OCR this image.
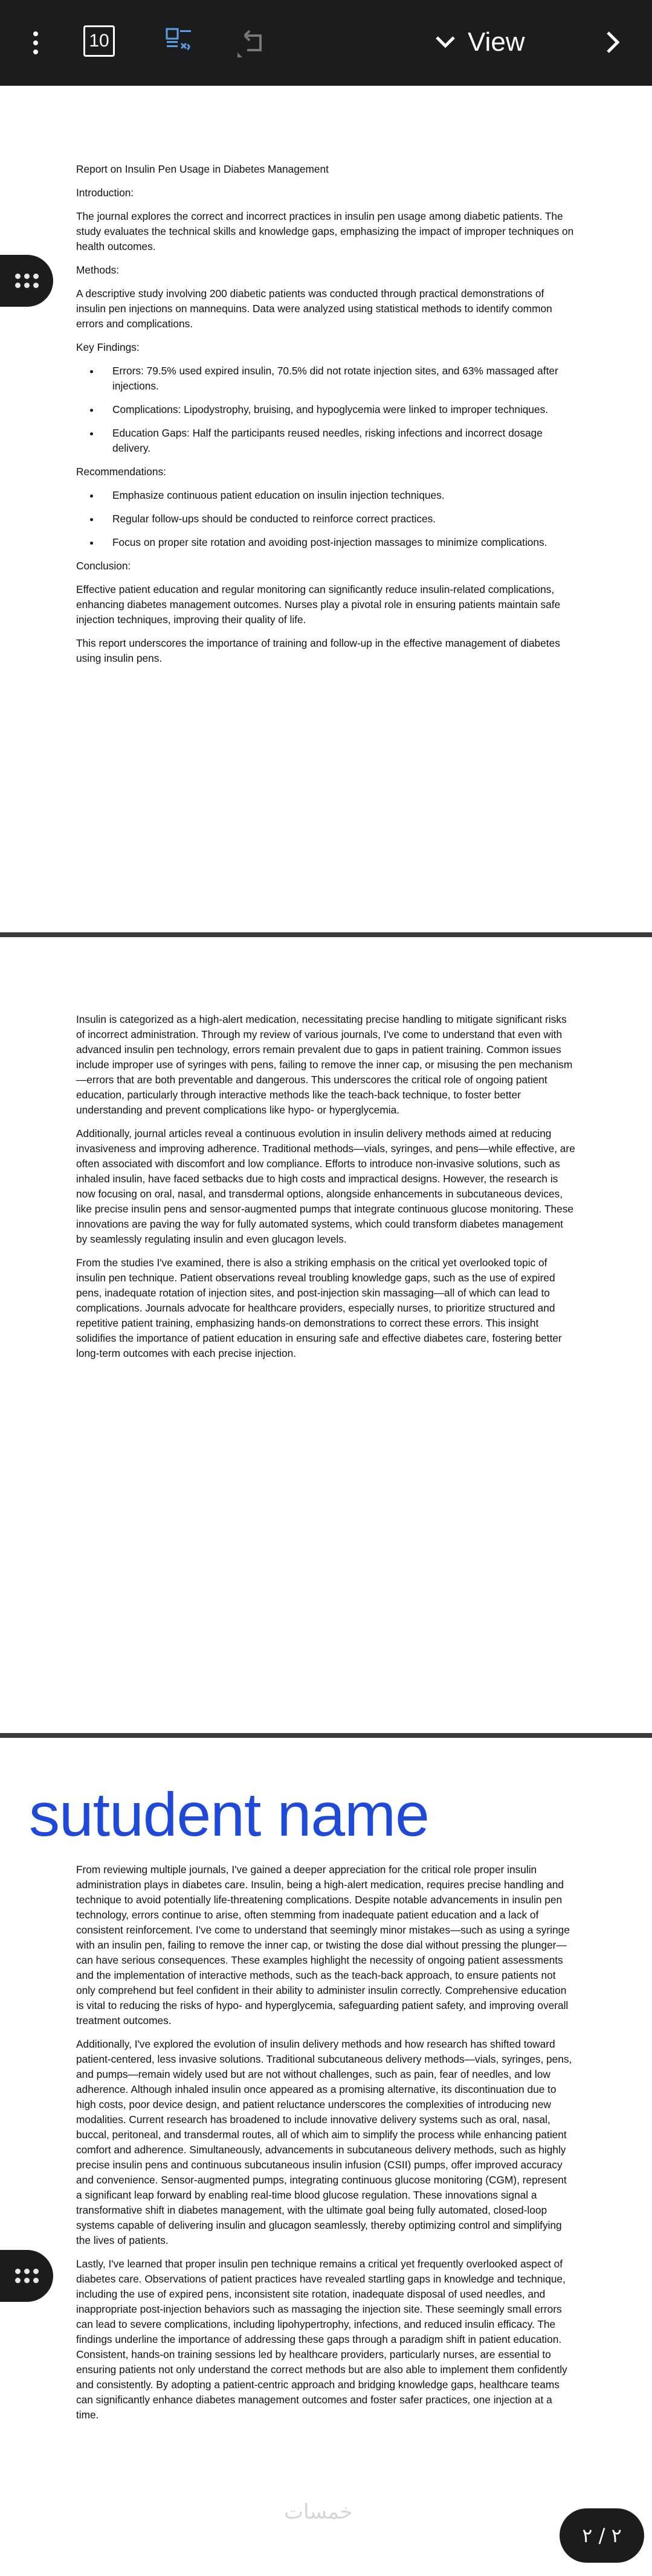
10	View

Report on Insulin Pen Usage in Diabetes Management

Introduction:

The journal explores the correct and incorrect practices in insulin pen usage among diabetic patients. The study evaluates the technical skills and knowledge gaps, emphasizing the impact of improper techniques on health outcomes.

Methods:

A descriptive study involving 200 diabetic patients was conducted through practical demonstrations of insulin pen injections on mannequins. Data were analyzed using statistical methods to identify common errors and complications.

Key Findings:

• Errors: 79.5% used expired insulin, 70.5% did not rotate injection sites, and 63% massaged after injections.
• Complications: Lipodystrophy, bruising, and hypoglycemia were linked to improper techniques.
• Education Gaps: Half the participants reused needles, risking infections and incorrect dosage delivery.

Recommendations:

• Emphasize continuous patient education on insulin injection techniques.
• Regular follow-ups should be conducted to reinforce correct practices.
• Focus on proper site rotation and avoiding post-injection massages to minimize complications.

Conclusion:

Effective patient education and regular monitoring can significantly reduce insulin-related complications, enhancing diabetes management outcomes. Nurses play a pivotal role in ensuring patients maintain safe injection techniques, improving their quality of life.

This report underscores the importance of training and follow-up in the effective management of diabetes using insulin pens.

Insulin is categorized as a high-alert medication, necessitating precise handling to mitigate significant risks of incorrect administration. Through my review of various journals, I've come to understand that even with advanced insulin pen technology, errors remain prevalent due to gaps in patient training. Common issues include improper use of syringes with pens, failing to remove the inner cap, or misusing the pen mechanism—errors that are both preventable and dangerous. This underscores the critical role of ongoing patient education, particularly through interactive methods like the teach-back technique, to foster better understanding and prevent complications like hypo- or hyperglycemia.

Additionally, journal articles reveal a continuous evolution in insulin delivery methods aimed at reducing invasiveness and improving adherence. Traditional methods—vials, syringes, and pens—while effective, are often associated with discomfort and low compliance. Efforts to introduce non-invasive solutions, such as inhaled insulin, have faced setbacks due to high costs and impractical designs. However, the research is now focusing on oral, nasal, and transdermal options, alongside enhancements in subcutaneous devices, like precise insulin pens and sensor-augmented pumps that integrate continuous glucose monitoring. These innovations are paving the way for fully automated systems, which could transform diabetes management by seamlessly regulating insulin and even glucagon levels.

From the studies I've examined, there is also a striking emphasis on the critical yet overlooked topic of insulin pen technique. Patient observations reveal troubling knowledge gaps, such as the use of expired pens, inadequate rotation of injection sites, and post-injection skin massaging—all of which can lead to complications. Journals advocate for healthcare providers, especially nurses, to prioritize structured and repetitive patient training, emphasizing hands-on demonstrations to correct these errors. This insight solidifies the importance of patient education in ensuring safe and effective diabetes care, fostering better long-term outcomes with each precise injection.

sutudent name

From reviewing multiple journals, I've gained a deeper appreciation for the critical role proper insulin administration plays in diabetes care. Insulin, being a high-alert medication, requires precise handling and technique to avoid potentially life-threatening complications. Despite notable advancements in insulin pen technology, errors continue to arise, often stemming from inadequate patient education and a lack of consistent reinforcement. I've come to understand that seemingly minor mistakes—such as using a syringe with an insulin pen, failing to remove the inner cap, or twisting the dose dial without pressing the plunger—can have serious consequences. These examples highlight the necessity of ongoing patient assessments and the implementation of interactive methods, such as the teach-back approach, to ensure patients not only comprehend but feel confident in their ability to administer insulin correctly. Comprehensive education is vital to reducing the risks of hypo- and hyperglycemia, safeguarding patient safety, and improving overall treatment outcomes.

Additionally, I've explored the evolution of insulin delivery methods and how research has shifted toward patient-centered, less invasive solutions. Traditional subcutaneous delivery methods—vials, syringes, pens, and pumps—remain widely used but are not without challenges, such as pain, fear of needles, and low adherence. Although inhaled insulin once appeared as a promising alternative, its discontinuation due to high costs, poor device design, and patient reluctance underscores the complexities of introducing new modalities. Current research has broadened to include innovative delivery systems such as oral, nasal, buccal, peritoneal, and transdermal routes, all of which aim to simplify the process while enhancing patient comfort and adherence. Simultaneously, advancements in subcutaneous delivery methods, such as highly precise insulin pens and continuous subcutaneous insulin infusion (CSII) pumps, offer improved accuracy and convenience. Sensor-augmented pumps, integrating continuous glucose monitoring (CGM), represent a significant leap forward by enabling real-time blood glucose regulation. These innovations signal a transformative shift in diabetes management, with the ultimate goal being fully automated, closed-loop systems capable of delivering insulin and glucagon seamlessly, thereby optimizing control and simplifying the lives of patients.

Lastly, I've learned that proper insulin pen technique remains a critical yet frequently overlooked aspect of diabetes care. Observations of patient practices have revealed startling gaps in knowledge and technique, including the use of expired pens, inconsistent site rotation, inadequate disposal of used needles, and inappropriate post-injection behaviors such as massaging the injection site. These seemingly small errors can lead to severe complications, including lipohypertrophy, infections, and reduced insulin efficacy. The findings underline the importance of addressing these gaps through a paradigm shift in patient education. Consistent, hands-on training sessions led by healthcare providers, particularly nurses, are essential to ensuring patients not only understand the correct methods but are also able to implement them confidently and consistently. By adopting a patient-centric approach and bridging knowledge gaps, healthcare teams can significantly enhance diabetes management outcomes and foster safer practices, one injection at a time.

خمسات
٢ / ٢
